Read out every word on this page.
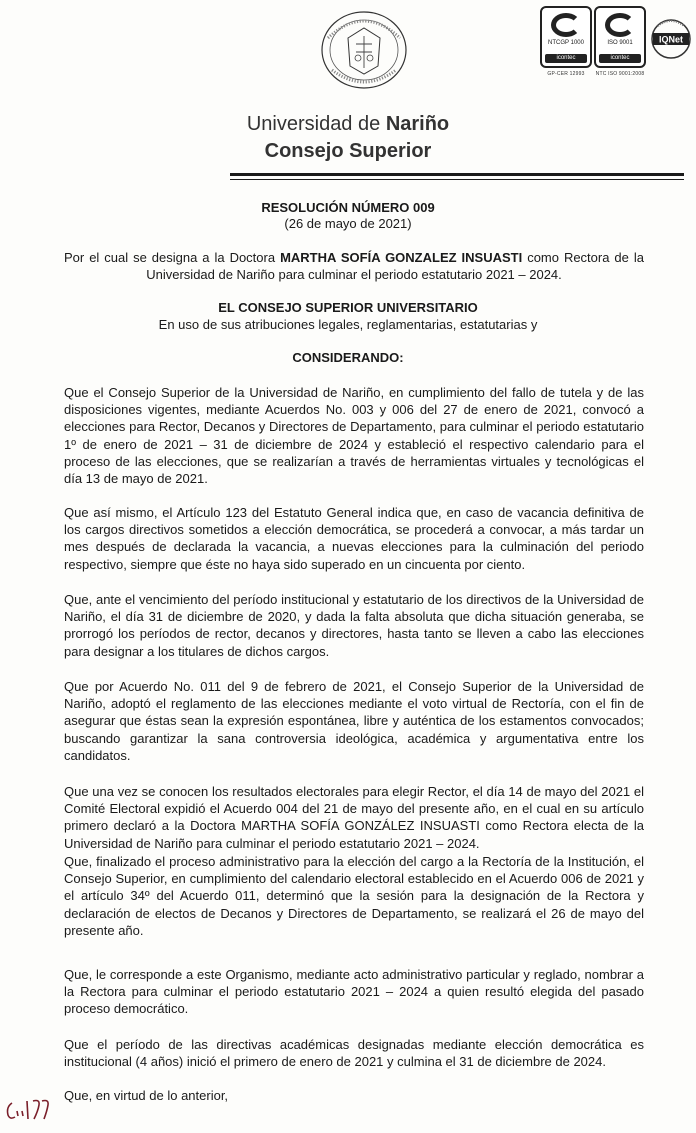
NTCGP 1000
icontec
GP-CER 12993
ISO 9001
icontec
NTC ISO 9001:2008
IQNet
Universidad de Nariño
Consejo Superior
RESOLUCIÓN NÚMERO 009
(26 de mayo de 2021)
Por el cual se designa a la Doctora MARTHA SOFÍA GONZALEZ INSUASTI como Rectora de la Universidad de Nariño para culminar el periodo estatutario 2021 – 2024.
EL CONSEJO SUPERIOR UNIVERSITARIO
En uso de sus atribuciones legales, reglamentarias, estatutarias y
CONSIDERANDO:

Que el Consejo Superior de la Universidad de Nariño, en cumplimiento del fallo de tutela y de las disposiciones vigentes, mediante Acuerdos No. 003 y 006 del 27 de enero de 2021, convocó a elecciones para Rector, Decanos y Directores de Departamento, para culminar el periodo estatutario 1º de enero de 2021 – 31 de diciembre de 2024 y estableció el respectivo calendario para el proceso de las elecciones, que se realizarían a través de herramientas virtuales y tecnológicas el día 13 de mayo de 2021.

Que así mismo, el Artículo 123 del Estatuto General indica que, en caso de vacancia definitiva de los cargos directivos sometidos a elección democrática, se procederá a convocar, a más tardar un mes después de declarada la vacancia, a nuevas elecciones para la culminación del periodo respectivo, siempre que éste no haya sido superado en un cincuenta por ciento.

Que, ante el vencimiento del período institucional y estatutario de los directivos de la Universidad de Nariño, el día 31 de diciembre de 2020, y dada la falta absoluta que dicha situación generaba, se prorrogó los períodos de rector, decanos y directores, hasta tanto se lleven a cabo las elecciones para designar a los titulares de dichos cargos.

Que por Acuerdo No. 011 del 9 de febrero de 2021, el Consejo Superior de la Universidad de Nariño, adoptó el reglamento de las elecciones mediante el voto virtual de Rectoría, con el fin de asegurar que éstas sean la expresión espontánea, libre y auténtica de los estamentos convocados; buscando garantizar la sana controversia ideológica, académica y argumentativa entre los candidatos.

Que una vez se conocen los resultados electorales para elegir Rector, el día 14 de mayo del 2021 el Comité Electoral expidió el Acuerdo 004 del 21 de mayo del presente año, en el cual en su artículo primero declaró a la Doctora MARTHA SOFÍA GONZÁLEZ INSUASTI como Rectora electa de la Universidad de Nariño para culminar el periodo estatutario 2021 – 2024.

Que, finalizado el proceso administrativo para la elección del cargo a la Rectoría de la Institución, el Consejo Superior, en cumplimiento del calendario electoral establecido en el Acuerdo 006 de 2021 y el artículo 34º del Acuerdo 011, determinó que la sesión para la designación de la Rectora y declaración de electos de Decanos y Directores de Departamento, se realizará el 26 de mayo del presente año.

Que, le corresponde a este Organismo, mediante acto administrativo particular y reglado, nombrar a la Rectora para culminar el periodo estatutario 2021 – 2024 a quien resultó elegida del pasado proceso democrático.

Que el período de las directivas académicas designadas mediante elección democrática es institucional (4 años) inició el primero de enero de 2021 y culmina el 31 de diciembre de 2024.

Que, en virtud de lo anterior,
